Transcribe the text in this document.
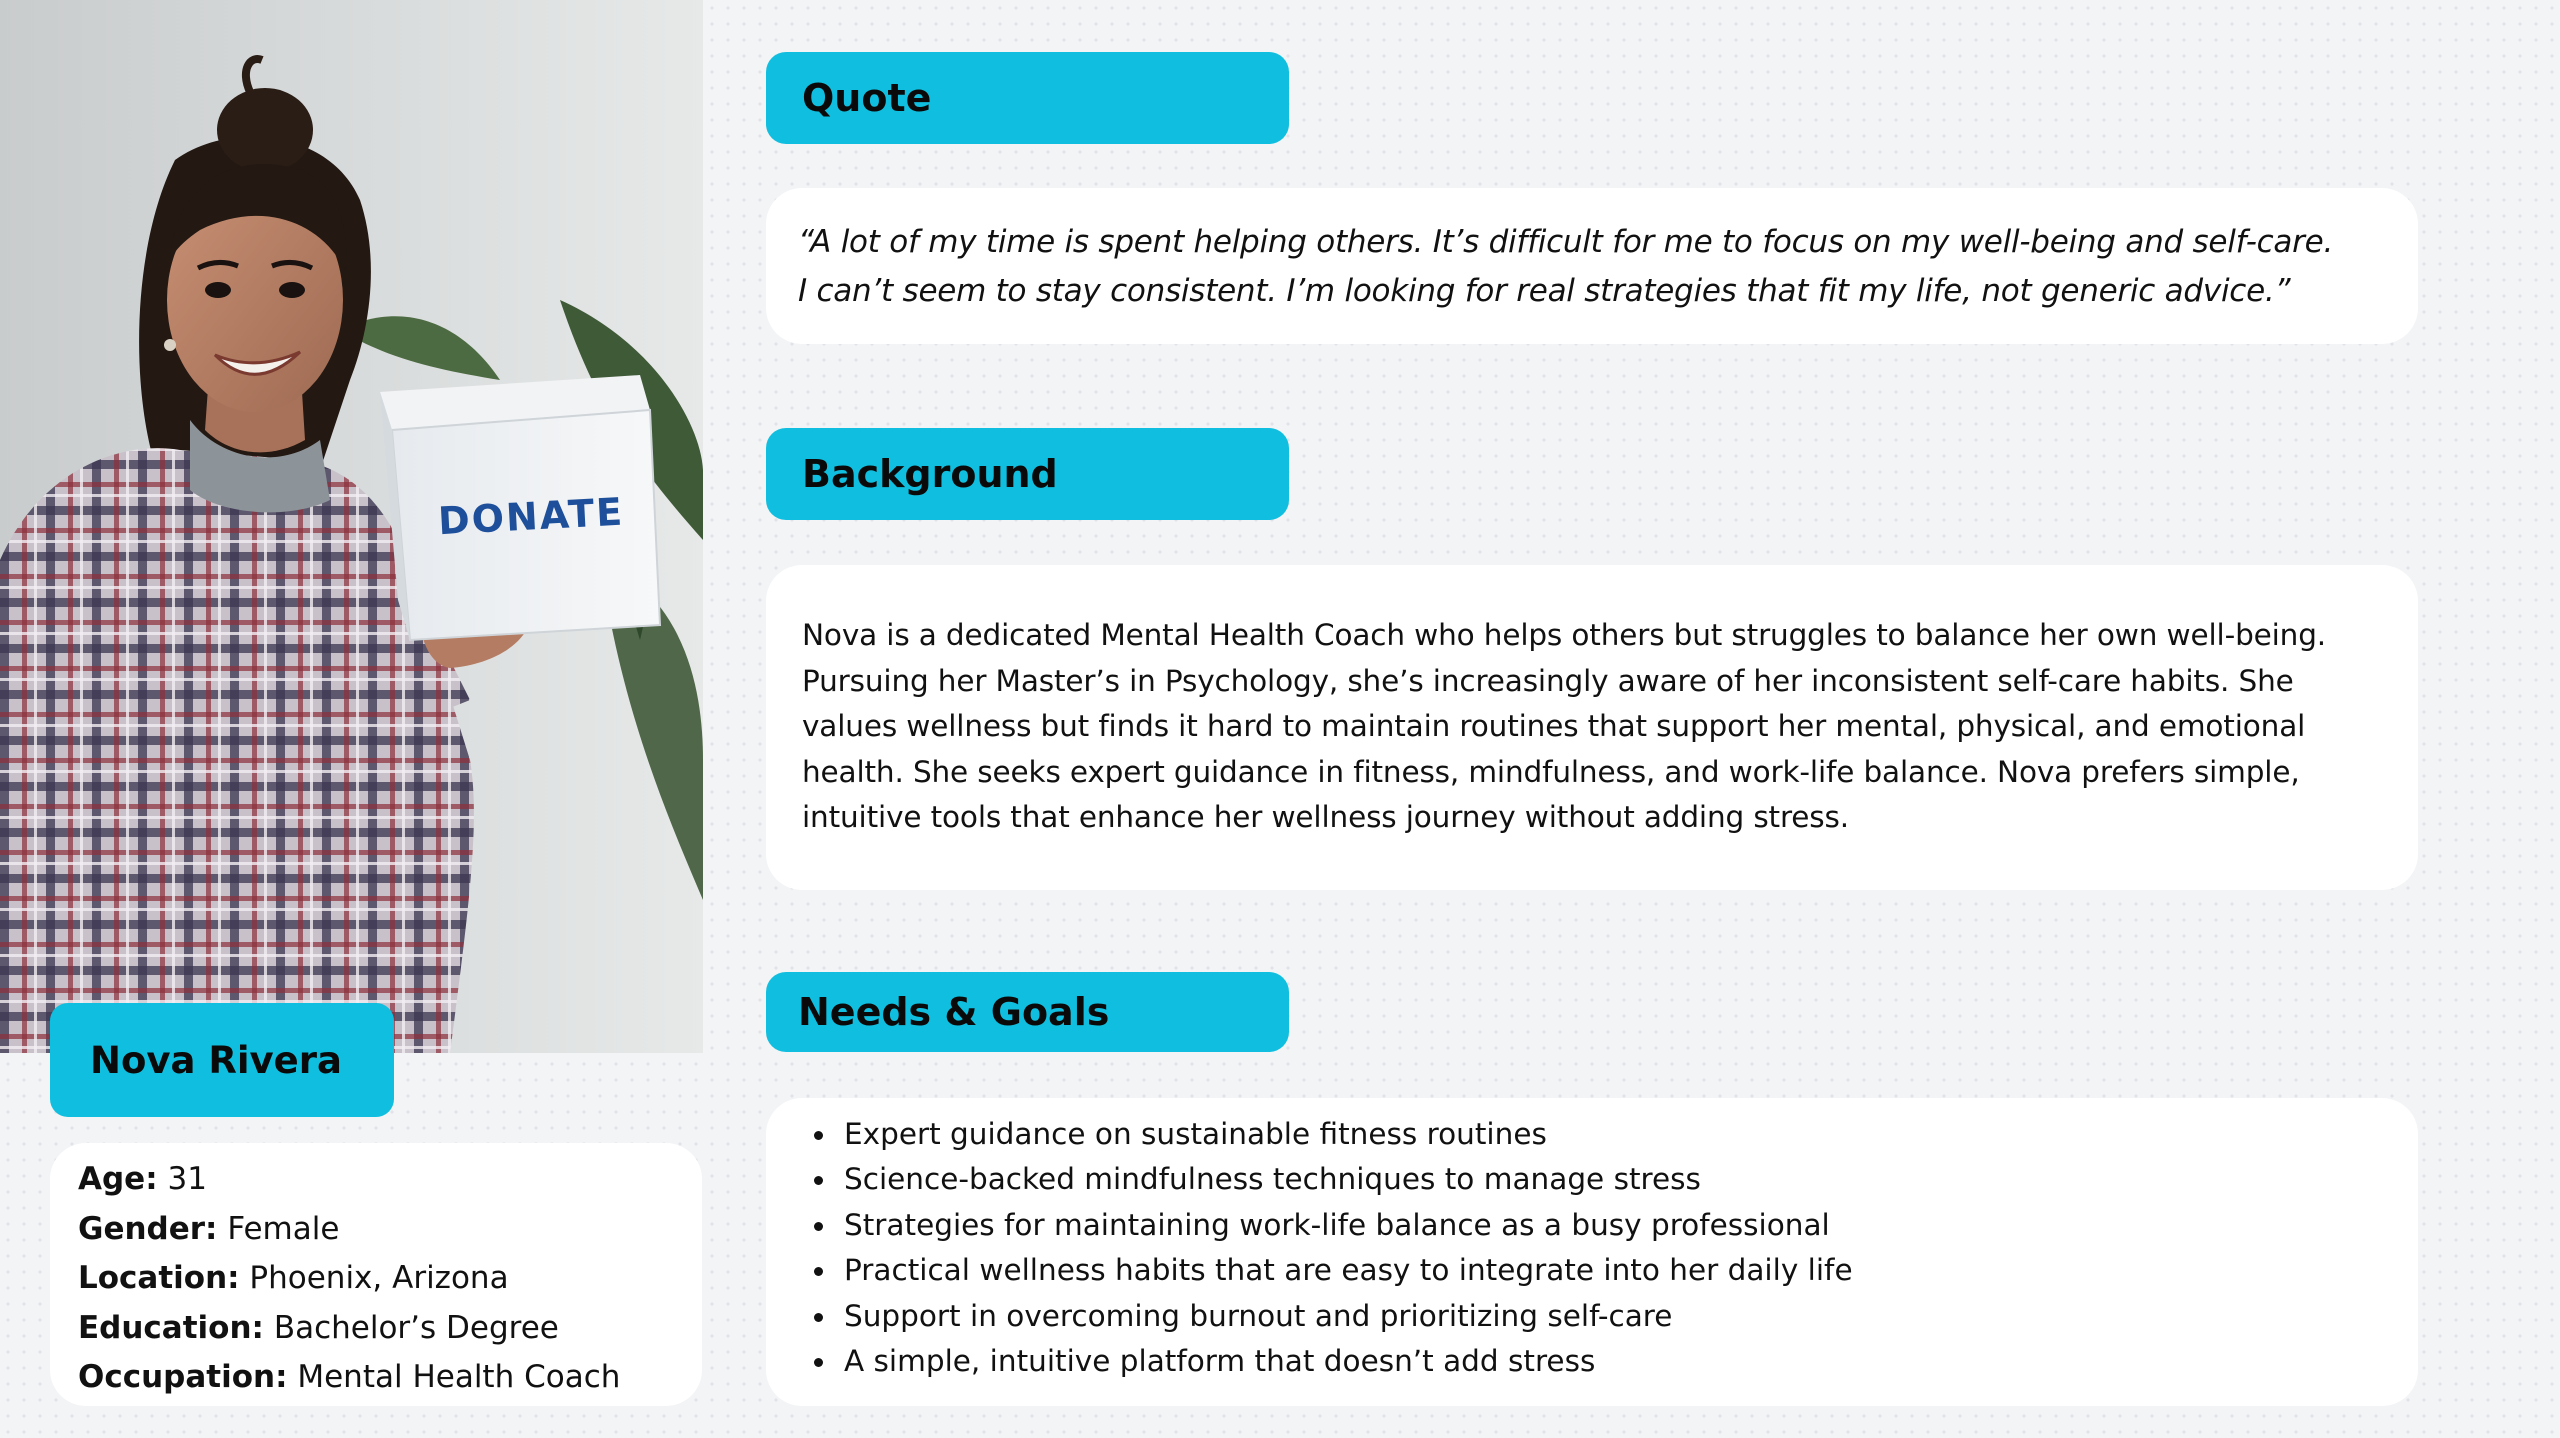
DONATE
Nova Rivera
Age: 31
Gender: Female
Location: Phoenix, Arizona
Education: Bachelor’s Degree
Occupation: Mental Health Coach
Quote
“A lot of my time is spent helping others. It’s difficult for me to focus on my well-being and self-care.
I can’t seem to stay consistent. I’m looking for real strategies that fit my life, not generic advice.”
Background
Nova is a dedicated Mental Health Coach who helps others but struggles to balance her own well-being. Pursuing her Master’s in Psychology, she’s increasingly aware of her inconsistent self-care habits. She values wellness but finds it hard to maintain routines that support her mental, physical, and emotional health. She seeks expert guidance in fitness, mindfulness, and work-life balance. Nova prefers simple, intuitive tools that enhance her wellness journey without adding stress.
Needs & Goals
Expert guidance on sustainable fitness routines
Science-backed mindfulness techniques to manage stress
Strategies for maintaining work-life balance as a busy professional
Practical wellness habits that are easy to integrate into her daily life
Support in overcoming burnout and prioritizing self-care
A simple, intuitive platform that doesn’t add stress
